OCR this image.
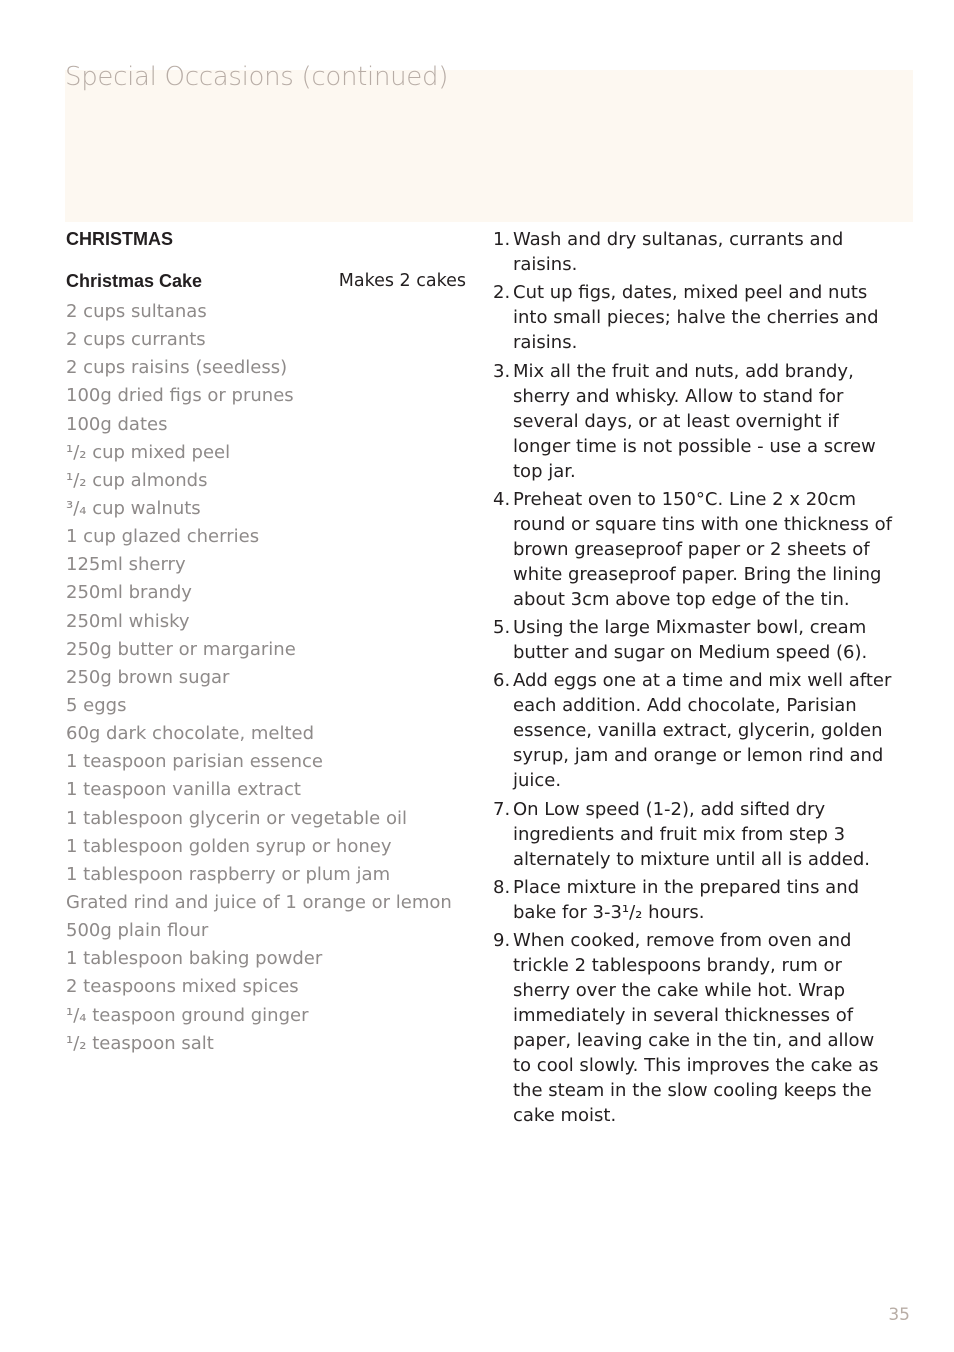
Special Occasions (continued)
CHRISTMAS
Christmas Cake	Makes 2 cakes
2 cups sultanas
2 cups currants
2 cups raisins (seedless)
100g dried figs or prunes
100g dates
¹/₂ cup mixed peel
¹/₂ cup almonds
³/₄ cup walnuts
1 cup glazed cherries
125ml sherry
250ml brandy
250ml whisky
250g butter or margarine
250g brown sugar
5 eggs
60g dark chocolate, melted
1 teaspoon parisian essence
1 teaspoon vanilla extract
1 tablespoon glycerin or vegetable oil
1 tablespoon golden syrup or honey
1 tablespoon raspberry or plum jam
Grated rind and juice of 1 orange or lemon
500g plain flour
1 tablespoon baking powder
2 teaspoons mixed spices
¹/₄ teaspoon ground ginger
¹/₂ teaspoon salt
1. Wash and dry sultanas, currants and raisins.
2. Cut up figs, dates, mixed peel and nuts into small pieces; halve the cherries and raisins.
3. Mix all the fruit and nuts, add brandy, sherry and whisky. Allow to stand for several days, or at least overnight if longer time is not possible - use a screw top jar.
4. Preheat oven to 150°C. Line 2 x 20cm round or square tins with one thickness of brown greaseproof paper or 2 sheets of white greaseproof paper. Bring the lining about 3cm above top edge of the tin.
5. Using the large Mixmaster bowl, cream butter and sugar on Medium speed (6).
6. Add eggs one at a time and mix well after each addition. Add chocolate, Parisian essence, vanilla extract, glycerin, golden syrup, jam and orange or lemon rind and juice.
7. On Low speed (1-2), add sifted dry ingredients and fruit mix from step 3 alternately to mixture until all is added.
8. Place mixture in the prepared tins and bake for 3-3¹/₂ hours.
9. When cooked, remove from oven and trickle 2 tablespoons brandy, rum or sherry over the cake while hot. Wrap immediately in several thicknesses of paper, leaving cake in the tin, and allow to cool slowly. This improves the cake as the steam in the slow cooling keeps the cake moist.
35
